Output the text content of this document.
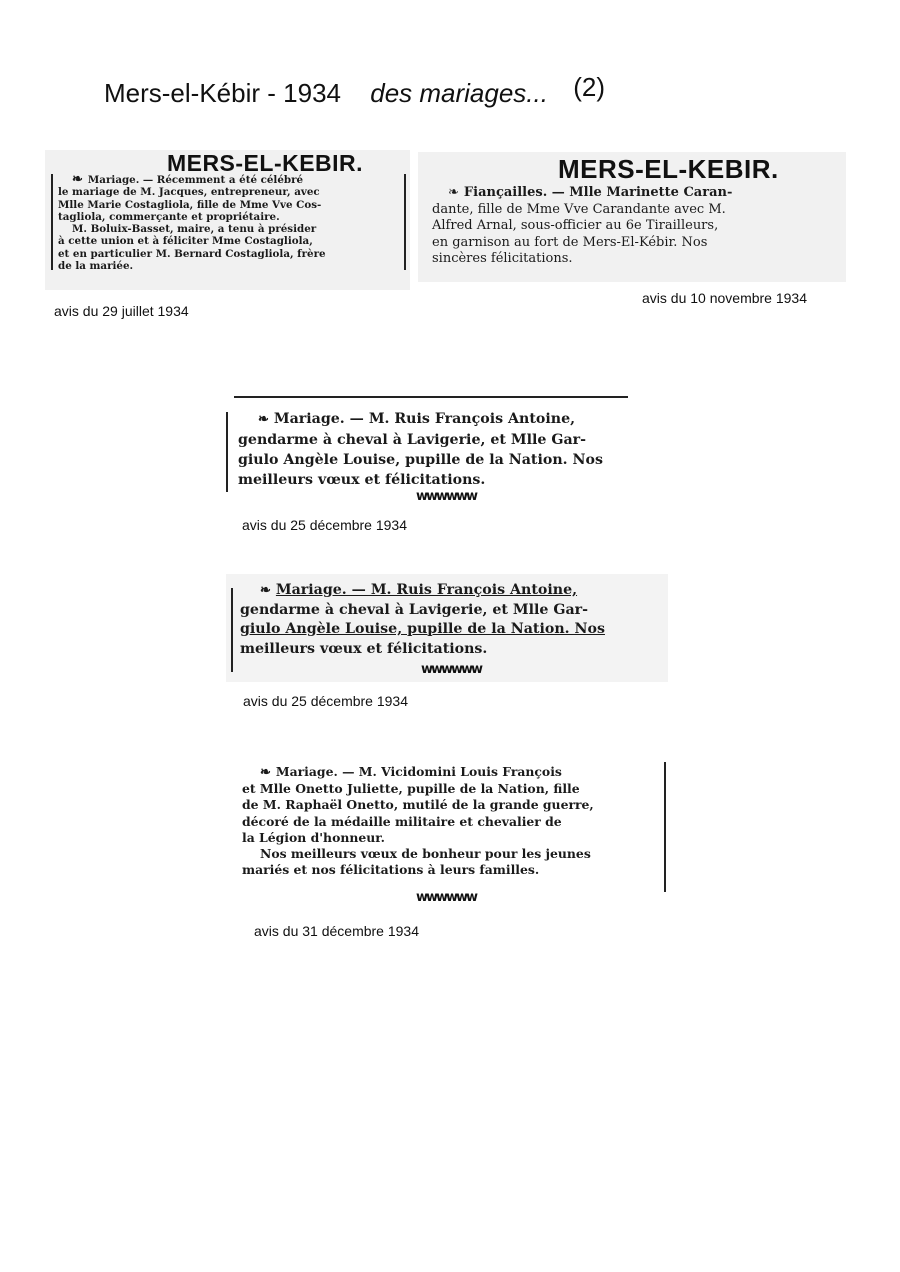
Mers-el-Kébir - 1934 des mariages... (2)
MERS-EL-KEBIR.
❧ Mariage. — Récemment a été célébré
le mariage de M. Jacques, entrepreneur, avec
Mlle Marie Costagliola, fille de Mme Vve Cos-
tagliola, commerçante et propriétaire.
M. Boluix-Basset, maire, a tenu à présider
à cette union et à féliciter Mme Costagliola,
et en particulier M. Bernard Costagliola, frère
de la mariée.
avis du 29 juillet 1934
MERS-EL-KEBIR.
❧ Fiançailles. — Mlle Marinette Caran-
dante, fille de Mme Vve Carandante avec M.
Alfred Arnal, sous-officier au 6e Tirailleurs,
en garnison au fort de Mers-El-Kébir. Nos
sincères félicitations.
avis du 10 novembre 1934
❧ Mariage. — M. Ruis François Antoine,
gendarme à cheval à Lavigerie, et Mlle Gar-
giulo Angèle Louise, pupille de la Nation. Nos
meilleurs vœux et félicitations.
wwwwww
avis du 25 décembre 1934
❧ Mariage. — M. Ruis François Antoine,
gendarme à cheval à Lavigerie, et Mlle Gar-
giulo Angèle Louise, pupille de la Nation. Nos
meilleurs vœux et félicitations.
wwwwww
avis du 25 décembre 1934
❧ Mariage. — M. Vicidomini Louis François
et Mlle Onetto Juliette, pupille de la Nation, fille
de M. Raphaël Onetto, mutilé de la grande guerre,
décoré de la médaille militaire et chevalier de
la Légion d'honneur.
Nos meilleurs vœux de bonheur pour les jeunes
mariés et nos félicitations à leurs familles.
wwwwww
avis du 31 décembre 1934
